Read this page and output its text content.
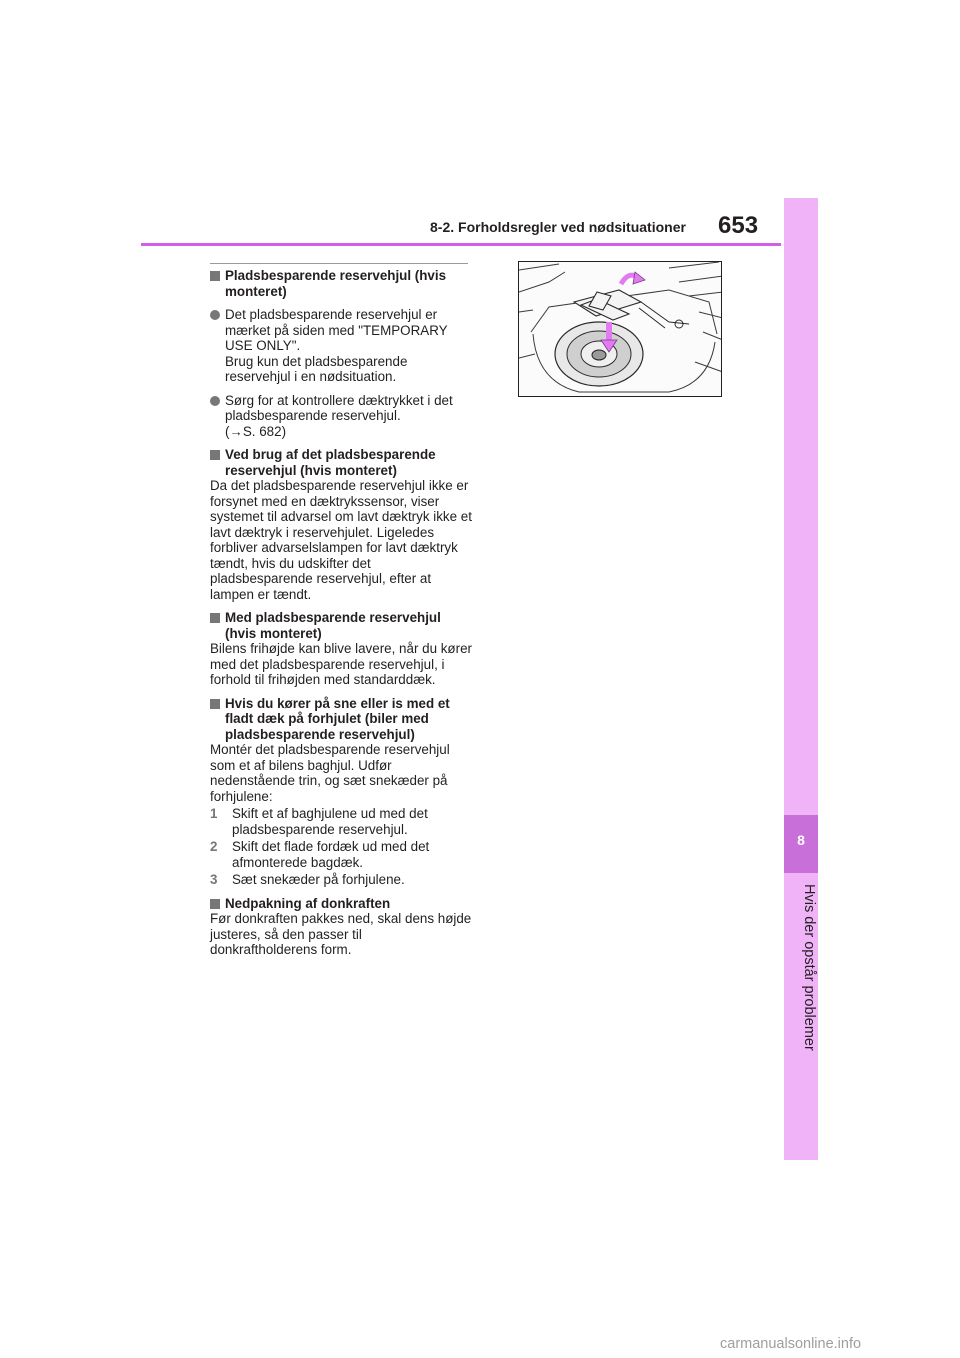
8
Hvis der opstår problemer
8-2. Forholdsregler ved nødsituationer 653
Pladsbesparende reservehjul (hvis monteret)

Det pladsbesparende reservehjul er mærket på siden med "TEMPORARY USE ONLY".

Brug kun det pladsbesparende reservehjul i en nødsituation.

Sørg for at kontrollere dæktrykket i det pladsbesparende reservehjul.

(→S. 682)

Ved brug af det pladsbesparende reservehjul (hvis monteret)

Da det pladsbesparende reservehjul ikke er forsynet med en dæktrykssensor, viser systemet til advarsel om lavt dæktryk ikke et lavt dæktryk i reservehjulet. Ligeledes forbliver advarselslampen for lavt dæktryk tændt, hvis du udskifter det pladsbesparende reservehjul, efter at lampen er tændt.

Med pladsbesparende reservehjul (hvis monteret)

Bilens frihøjde kan blive lavere, når du kører med det pladsbesparende reservehjul, i forhold til frihøjden med standarddæk.

Hvis du kører på sne eller is med et fladt dæk på forhjulet (biler med pladsbesparende reservehjul)

Montér det pladsbesparende reservehjul som et af bilens baghjul. Udfør nedenstående trin, og sæt snekæder på forhjulene:

1	Skift et af baghjulene ud med det pladsbesparende reservehjul.
2	Skift det flade fordæk ud med det afmonterede bagdæk.
3	Sæt snekæder på forhjulene.
Nedpakning af donkraften

Før donkraften pakkes ned, skal dens højde justeres, så den passer til donkraftholderens form.

carmanualsonline.info
